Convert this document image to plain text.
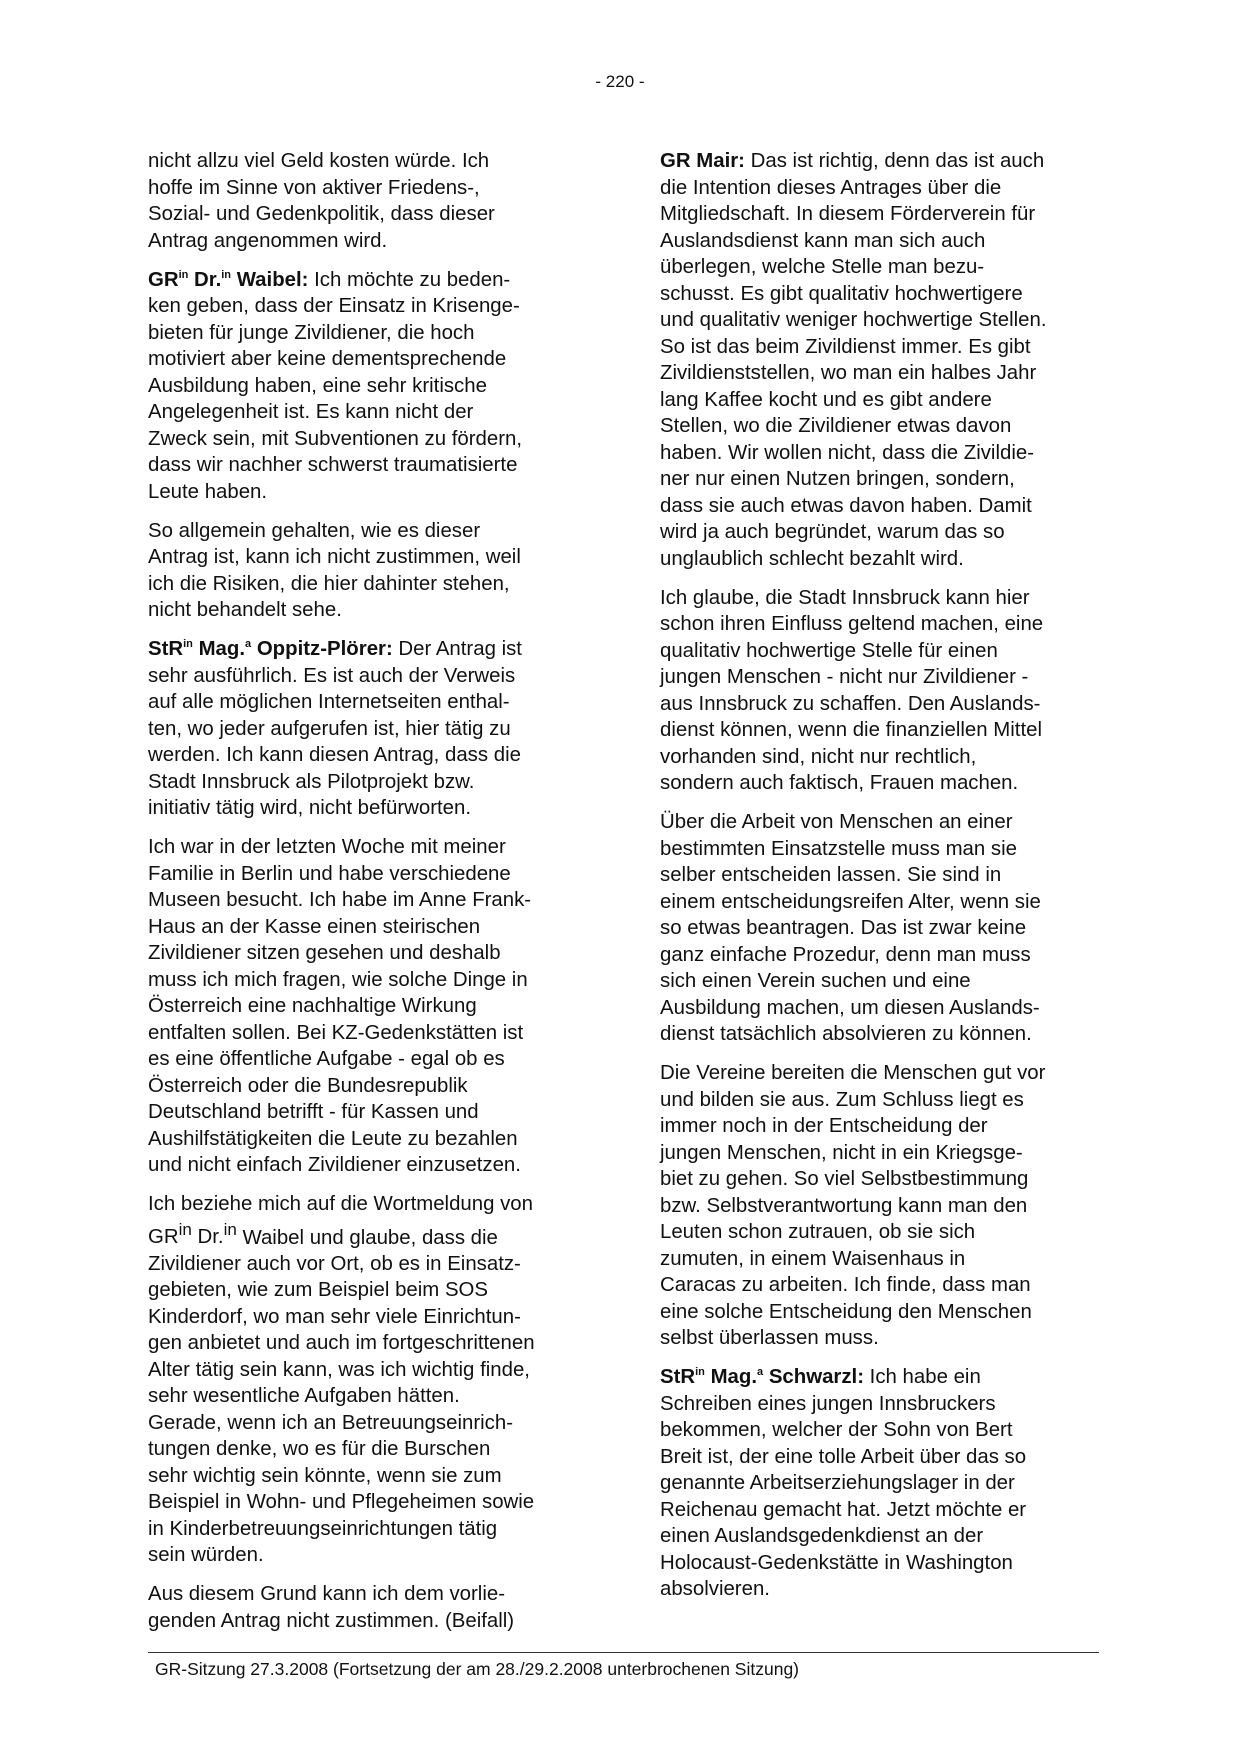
- 220 -

nicht allzu viel Geld kosten würde. Ich
hoffe im Sinne von aktiver Friedens-,
Sozial- und Gedenkpolitik, dass dieser
Antrag angenommen wird.

$GR^{in}$ Dr.$^{in}$ Waibel: Ich möchte zu beden-
ken geben, dass der Einsatz in Krisenge-
bieten für junge Zivildiener, die hoch
motiviert aber keine dementsprechende
Ausbildung haben, eine sehr kritische
Angelegenheit ist. Es kann nicht der
Zweck sein, mit Subventionen zu fördern,
dass wir nachher schwerst traumatisierte
Leute haben.

So allgemein gehalten, wie es dieser
Antrag ist, kann ich nicht zustimmen, weil
ich die Risiken, die hier dahinter stehen,
nicht behandelt sehe.

StR$^{in}$ Mag.$^a$ Oppitz-Plörer: Der Antrag ist
sehr ausführlich. Es ist auch der Verweis
auf alle möglichen Internetseiten enthal-
ten, wo jeder aufgerufen ist, hier tätig zu
werden. Ich kann diesen Antrag, dass die
Stadt Innsbruck als Pilotprojekt bzw.
initiativ tätig wird, nicht befürworten.

Ich war in der letzten Woche mit meiner
Familie in Berlin und habe verschiedene
Museen besucht. Ich habe im Anne Frank-
Haus an der Kasse einen steirischen
Zivildiener sitzen gesehen und deshalb
muss ich mich fragen, wie solche Dinge in
Österreich eine nachhaltige Wirkung
entfalten sollen. Bei KZ-Gedenkstätten ist
es eine öffentliche Aufgabe - egal ob es
Österreich oder die Bundesrepublik
Deutschland betrifft - für Kassen und
Aushilfstätigkeiten die Leute zu bezahlen
und nicht einfach Zivildiener einzusetzen.

Ich beziehe mich auf die Wortmeldung von
$GR^{in}$ Dr.$^{in}$ Waibel und glaube, dass die
Zivildiener auch vor Ort, ob es in Einsatz-
gebieten, wie zum Beispiel beim SOS
Kinderdorf, wo man sehr viele Einrichtun-
gen anbietet und auch im fortgeschrittenen
Alter tätig sein kann, was ich wichtig finde,
sehr wesentliche Aufgaben hätten.
Gerade, wenn ich an Betreuungseinrich-
tungen denke, wo es für die Burschen
sehr wichtig sein könnte, wenn sie zum
Beispiel in Wohn- und Pflegeheimen sowie
in Kinderbetreuungseinrichtungen tätig
sein würden.

Aus diesem Grund kann ich dem vorlie-
genden Antrag nicht zustimmen. (Beifall)

GR Mair: Das ist richtig, denn das ist auch
die Intention dieses Antrages über die
Mitgliedschaft. In diesem Förderverein für
Auslandsdienst kann man sich auch
überlegen, welche Stelle man bezu-
schusst. Es gibt qualitativ hochwertigere
und qualitativ weniger hochwertige Stellen.
So ist das beim Zivildienst immer. Es gibt
Zivildienststellen, wo man ein halbes Jahr
lang Kaffee kocht und es gibt andere
Stellen, wo die Zivildiener etwas davon
haben. Wir wollen nicht, dass die Zivildie-
ner nur einen Nutzen bringen, sondern,
dass sie auch etwas davon haben. Damit
wird ja auch begründet, warum das so
unglaublich schlecht bezahlt wird.

Ich glaube, die Stadt Innsbruck kann hier
schon ihren Einfluss geltend machen, eine
qualitativ hochwertige Stelle für einen
jungen Menschen - nicht nur Zivildiener -
aus Innsbruck zu schaffen. Den Auslands-
dienst können, wenn die finanziellen Mittel
vorhanden sind, nicht nur rechtlich,
sondern auch faktisch, Frauen machen.

Über die Arbeit von Menschen an einer
bestimmten Einsatzstelle muss man sie
selber entscheiden lassen. Sie sind in
einem entscheidungsreifen Alter, wenn sie
so etwas beantragen. Das ist zwar keine
ganz einfache Prozedur, denn man muss
sich einen Verein suchen und eine
Ausbildung machen, um diesen Auslands-
dienst tatsächlich absolvieren zu können.

Die Vereine bereiten die Menschen gut vor
und bilden sie aus. Zum Schluss liegt es
immer noch in der Entscheidung der
jungen Menschen, nicht in ein Kriegsge-
biet zu gehen. So viel Selbstbestimmung
bzw. Selbstverantwortung kann man den
Leuten schon zutrauen, ob sie sich
zumuten, in einem Waisenhaus in
Caracas zu arbeiten. Ich finde, dass man
eine solche Entscheidung den Menschen
selbst überlassen muss.

StR$^{in}$ Mag.$^a$ Schwarzl: Ich habe ein
Schreiben eines jungen Innsbruckers
bekommen, welcher der Sohn von Bert
Breit ist, der eine tolle Arbeit über das so
genannte Arbeitserziehungslager in der
Reichenau gemacht hat. Jetzt möchte er
einen Auslandsgedenkdienst an der
Holocaust-Gedenkstätte in Washington
absolvieren.

GR-Sitzung 27.3.2008 (Fortsetzung der am 28./29.2.2008 unterbrochenen Sitzung)
